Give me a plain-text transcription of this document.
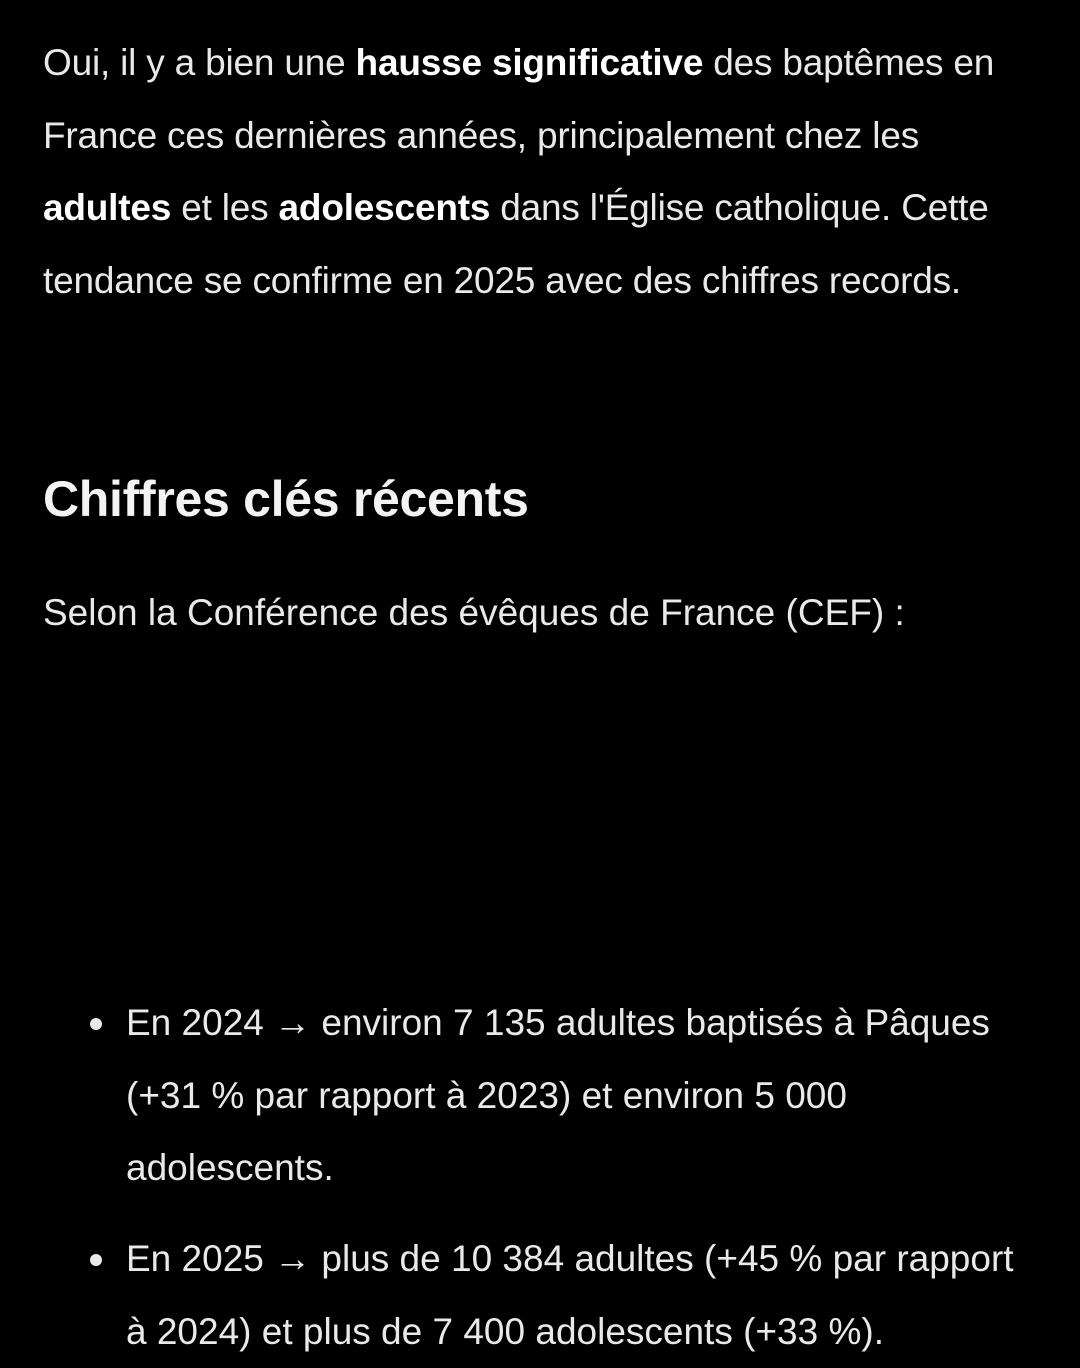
Oui, il y a bien une hausse significative des baptêmes en France ces dernières années, principalement chez les adultes et les adolescents dans l'Église catholique. Cette tendance se confirme en 2025 avec des chiffres records.

Chiffres clés récents

Selon la Conférence des évêques de France (CEF) :

En 2024 → environ 7 135 adultes baptisés à Pâques (+31 % par rapport à 2023) et environ 5 000 adolescents.
En 2025 → plus de 10 384 adultes (+45 % par rapport à 2024) et plus de 7 400 adolescents (+33 %).
